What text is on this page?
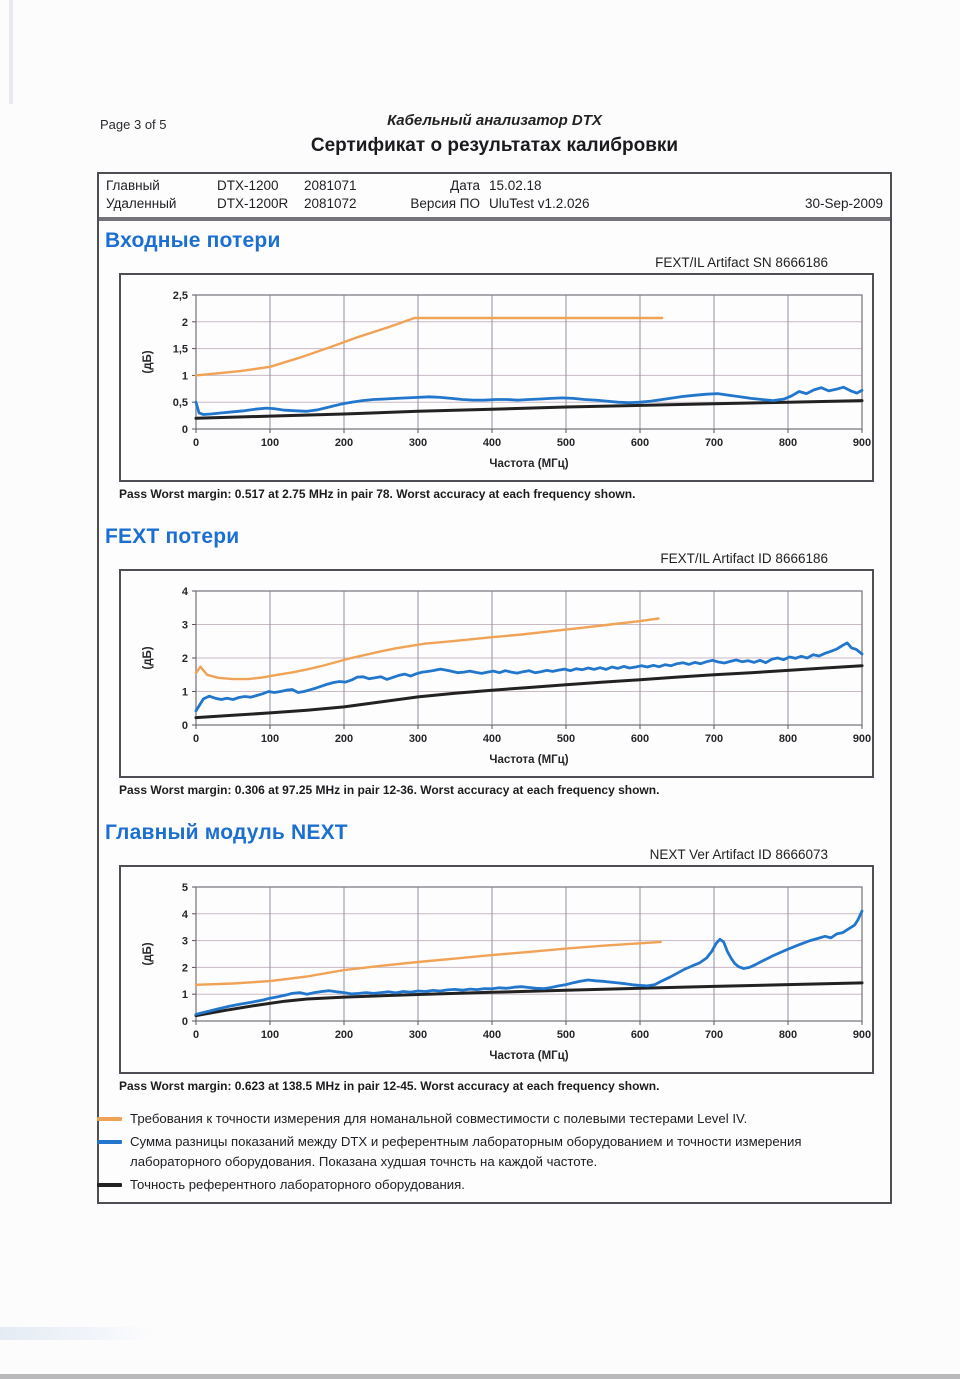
Page 3 of 5	Кабельный анализатор DTX
Сертификат о результатах калибровки
Главный	DTX-1200	2081071	Дата 15.02.18
Удаленный	DTX-1200R	2081072	Версия ПО UluTest v1.2.026	30-Sep-2009
Входные потери
FEXT/IL Artifact SN 8666186
0	100	200	300	400	500	600	700	800	900
0
0,5
1
1,5
2
2,5
Частота (МГц)
(дБ)
Pass Worst margin: 0.517 at 2.75 MHz in pair 78. Worst accuracy at each frequency shown.
FEXT потери
FEXT/IL Artifact ID 8666186
0	100	200	300	400	500	600	700	800	900
0
1
2
3
4
Частота (МГц)
(дБ)
Pass Worst margin: 0.306 at 97.25 MHz in pair 12-36. Worst accuracy at each frequency shown.
Главный модуль NEXT
NEXT Ver Artifact ID 8666073
0	100	200	300	400	500	600	700	800	900
0
1
2
3
4
5
Частота (МГц)
(дБ)
Pass Worst margin: 0.623 at 138.5 MHz in pair 12-45. Worst accuracy at each frequency shown.
Требования к точности измерения для номанальной совместимости с полевыми тестерами Level IV.
Сумма разницы показаний между DTX и референтным лабораторным оборудованием и точности измерения лабораторного оборудования. Показана худшая точнсть на каждой частоте.
Точность референтного лабораторного оборудования.
